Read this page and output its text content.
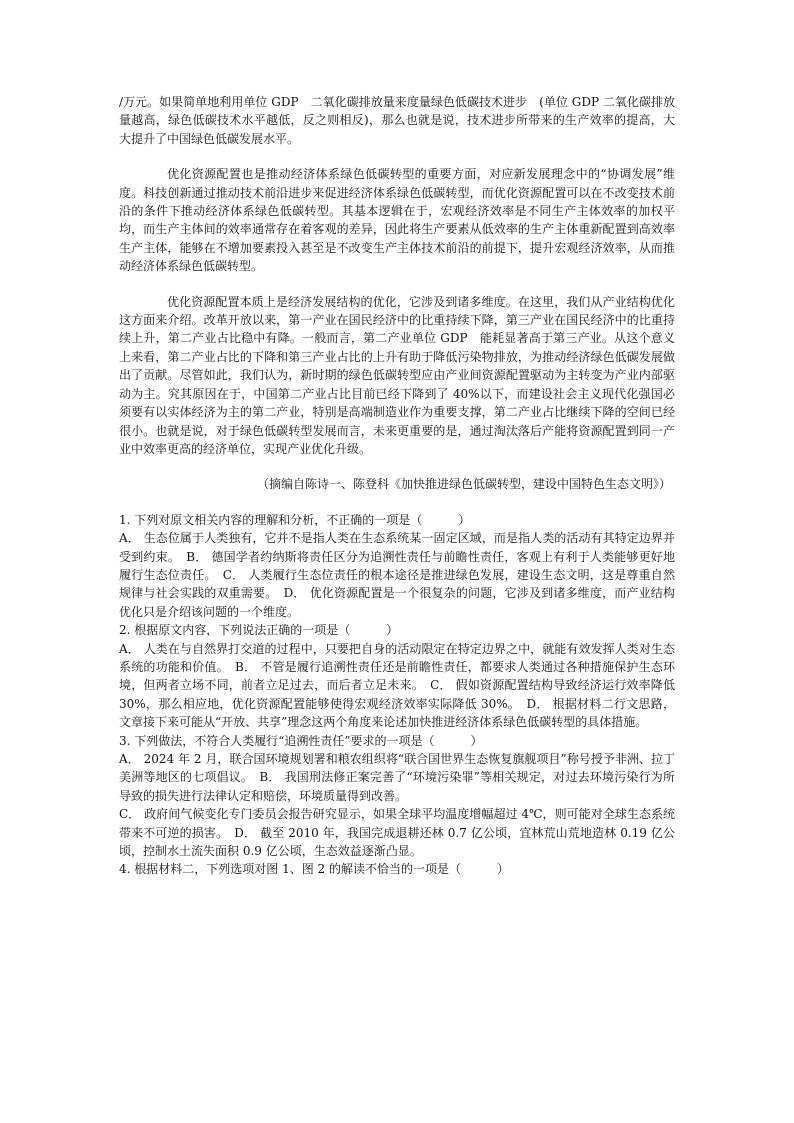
/万元。如果简单地利用单位 GDP　二氧化碳排放量来度量绿色低碳技术进步　(单位 GDP 二氧化碳排放量越高，绿色低碳技术水平越低，反之则相反)，那么也就是说，技术进步所带来的生产效率的提高，大大提升了中国绿色低碳发展水平。

优化资源配置也是推动经济体系绿色低碳转型的重要方面，对应新发展理念中的“协调发展”维度。科技创新通过推动技术前沿进步来促进经济体系绿色低碳转型，而优化资源配置可以在不改变技术前沿的条件下推动经济体系绿色低碳转型。其基本逻辑在于，宏观经济效率是不同生产主体效率的加权平均，而生产主体间的效率通常存在着客观的差异，因此将生产要素从低效率的生产主体重新配置到高效率生产主体，能够在不增加要素投入甚至是不改变生产主体技术前沿的前提下，提升宏观经济效率，从而推动经济体系绿色低碳转型。

优化资源配置本质上是经济发展结构的优化，它涉及到诸多维度。在这里，我们从产业结构优化这方面来介绍。改革开放以来，第一产业在国民经济中的比重持续下降，第三产业在国民经济中的比重持续上升，第二产业占比稳中有降。一般而言，第二产业单位 GDP　能耗显著高于第三产业。从这个意义上来看，第二产业占比的下降和第三产业占比的上升有助于降低污染物排放，为推动经济绿色低碳发展做出了贡献。尽管如此，我们认为，新时期的绿色低碳转型应由产业间资源配置驱动为主转变为产业内部驱动为主。究其原因在于，中国第二产业占比目前已经下降到了 40%以下，而建设社会主义现代化强国必须要有以实体经济为主的第二产业，特别是高端制造业作为重要支撑，第二产业占比继续下降的空间已经很小。也就是说，对于绿色低碳转型发展而言，未来更重要的是，通过淘汰落后产能将资源配置到同一产业中效率更高的经济单位，实现产业优化升级。

（摘编自陈诗一、陈登科《加快推进绿色低碳转型，建设中国特色生态文明》）

1. 下列对原文相关内容的理解和分析，不正确的一项是（　　　）

A． 生态位属于人类独有，它并不是指人类在生态系统某一固定区域，而是指人类的活动有其特定边界并受到约束。　B． 德国学者约纳斯将责任区分为追溯性责任与前瞻性责任，客观上有利于人类能够更好地履行生态位责任。　C． 人类履行生态位责任的根本途径是推进绿色发展，建设生态文明，这是尊重自然规律与社会实践的双重需要。　D． 优化资源配置是一个很复杂的问题，它涉及到诸多维度，而产业结构优化只是介绍该问题的一个维度。

2. 根据原文内容，下列说法正确的一项是（　　　）

A． 人类在与自然界打交道的过程中，只要把自身的活动限定在特定边界之中，就能有效发挥人类对生态系统的功能和价值。　B． 不管是履行追溯性责任还是前瞻性责任，都要求人类通过各种措施保护生态环境，但两者立场不同，前者立足过去，而后者立足未来。　C． 假如资源配置结构导致经济运行效率降低 30%，那么相应地，优化资源配置能够使得宏观经济效率实际降低 30%。　D． 根据材料二行文思路，文章接下来可能从“开放、共享”理念这两个角度来论述加快推进经济体系绿色低碳转型的具体措施。

3. 下列做法，不符合人类履行“追溯性责任”要求的一项是（　　　）

A． 2024 年 2 月，联合国环境规划署和粮农组织将“联合国世界生态恢复旗舰项目”称号授予非洲、拉丁美洲等地区的七项倡议。　B． 我国刑法修正案完善了“环境污染罪”等相关规定，对过去环境污染行为所导致的损失进行法律认定和赔偿，环境质量得到改善。

C． 政府间气候变化专门委员会报告研究显示，如果全球平均温度增幅超过 4℃，则可能对全球生态系统带来不可逆的损害。　D． 截至 2010 年，我国完成退耕还林 0.7 亿公顷，宜林荒山荒地造林 0.19 亿公顷，控制水土流失面积 0.9 亿公顷，生态效益逐渐凸显。

4. 根据材料二，下列选项对图 1、图 2 的解读不恰当的一项是（　　　）
